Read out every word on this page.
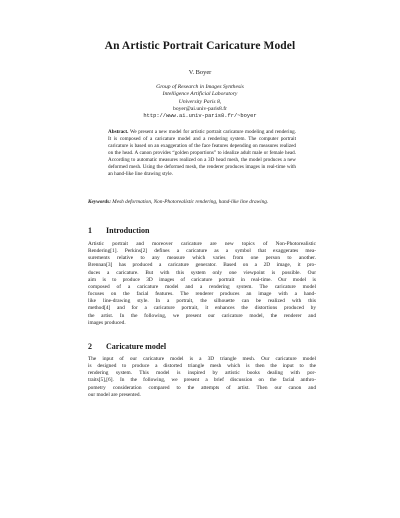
An Artistic Portrait Caricature Model
V. Boyer
Group of Research in Images Synthesis
Intelligence Artificial Laboratory
University Paris 8,
boyer@ai.univ-paris8.fr
http://www.ai.univ-paris8.fr/~boyer
Abstract. We present a new model for artistic portrait caricature modeling and rendering. It is composed of a caricature model and a rendering system. The computer portrait caricature is based on an exaggeration of the face features depending on measures realized on the head. A canon provides “golden proportions” to idealize adult male or female head. According to automatic measures realized on a 3D head mesh, the model produces a new deformed mesh. Using the deformed mesh, the renderer produces images in real-time with an hand-like line drawing style.
Keywords: Mesh deformation, Non-Photorealistic rendering, hand-like line drawing.
1 Introduction
Artistic portrait and moreover caricature are new topics of Non-Photorealistic
Rendering[1]. Perkins[2] defines a caricature as a symbol that exaggerates mea-
surements relative to any measure which varies from one person to another.
Brennan[3] has produced a caricature generator. Based on a 2D image, it pro-
duces a caricature. But with this system only one viewpoint is possible. Our
aim is to produce 3D images of caricature portrait in real-time. Our model is
composed of a caricature model and a rendering system. The caricature model
focuses on the facial features. The renderer produces an image with a hand-
like line-drawing style. In a portrait, the silhouette can be realized with this
method[4] and for a caricature portrait, it enhances the distortions produced by
the artist. In the following, we present our caricature model, the renderer and
images produced.
2 Caricature model
The input of our caricature model is a 3D triangle mesh. Our caricature model
is designed to produce a distorted triangle mesh which is then the input to the
rendering system. This model is inspired by artistic books dealing with por-
traits[5],[6]. In the following, we present a brief discussion on the facial anthro-
pometry consideration compared to the attempts of artist. Then our canon and
our model are presented.
